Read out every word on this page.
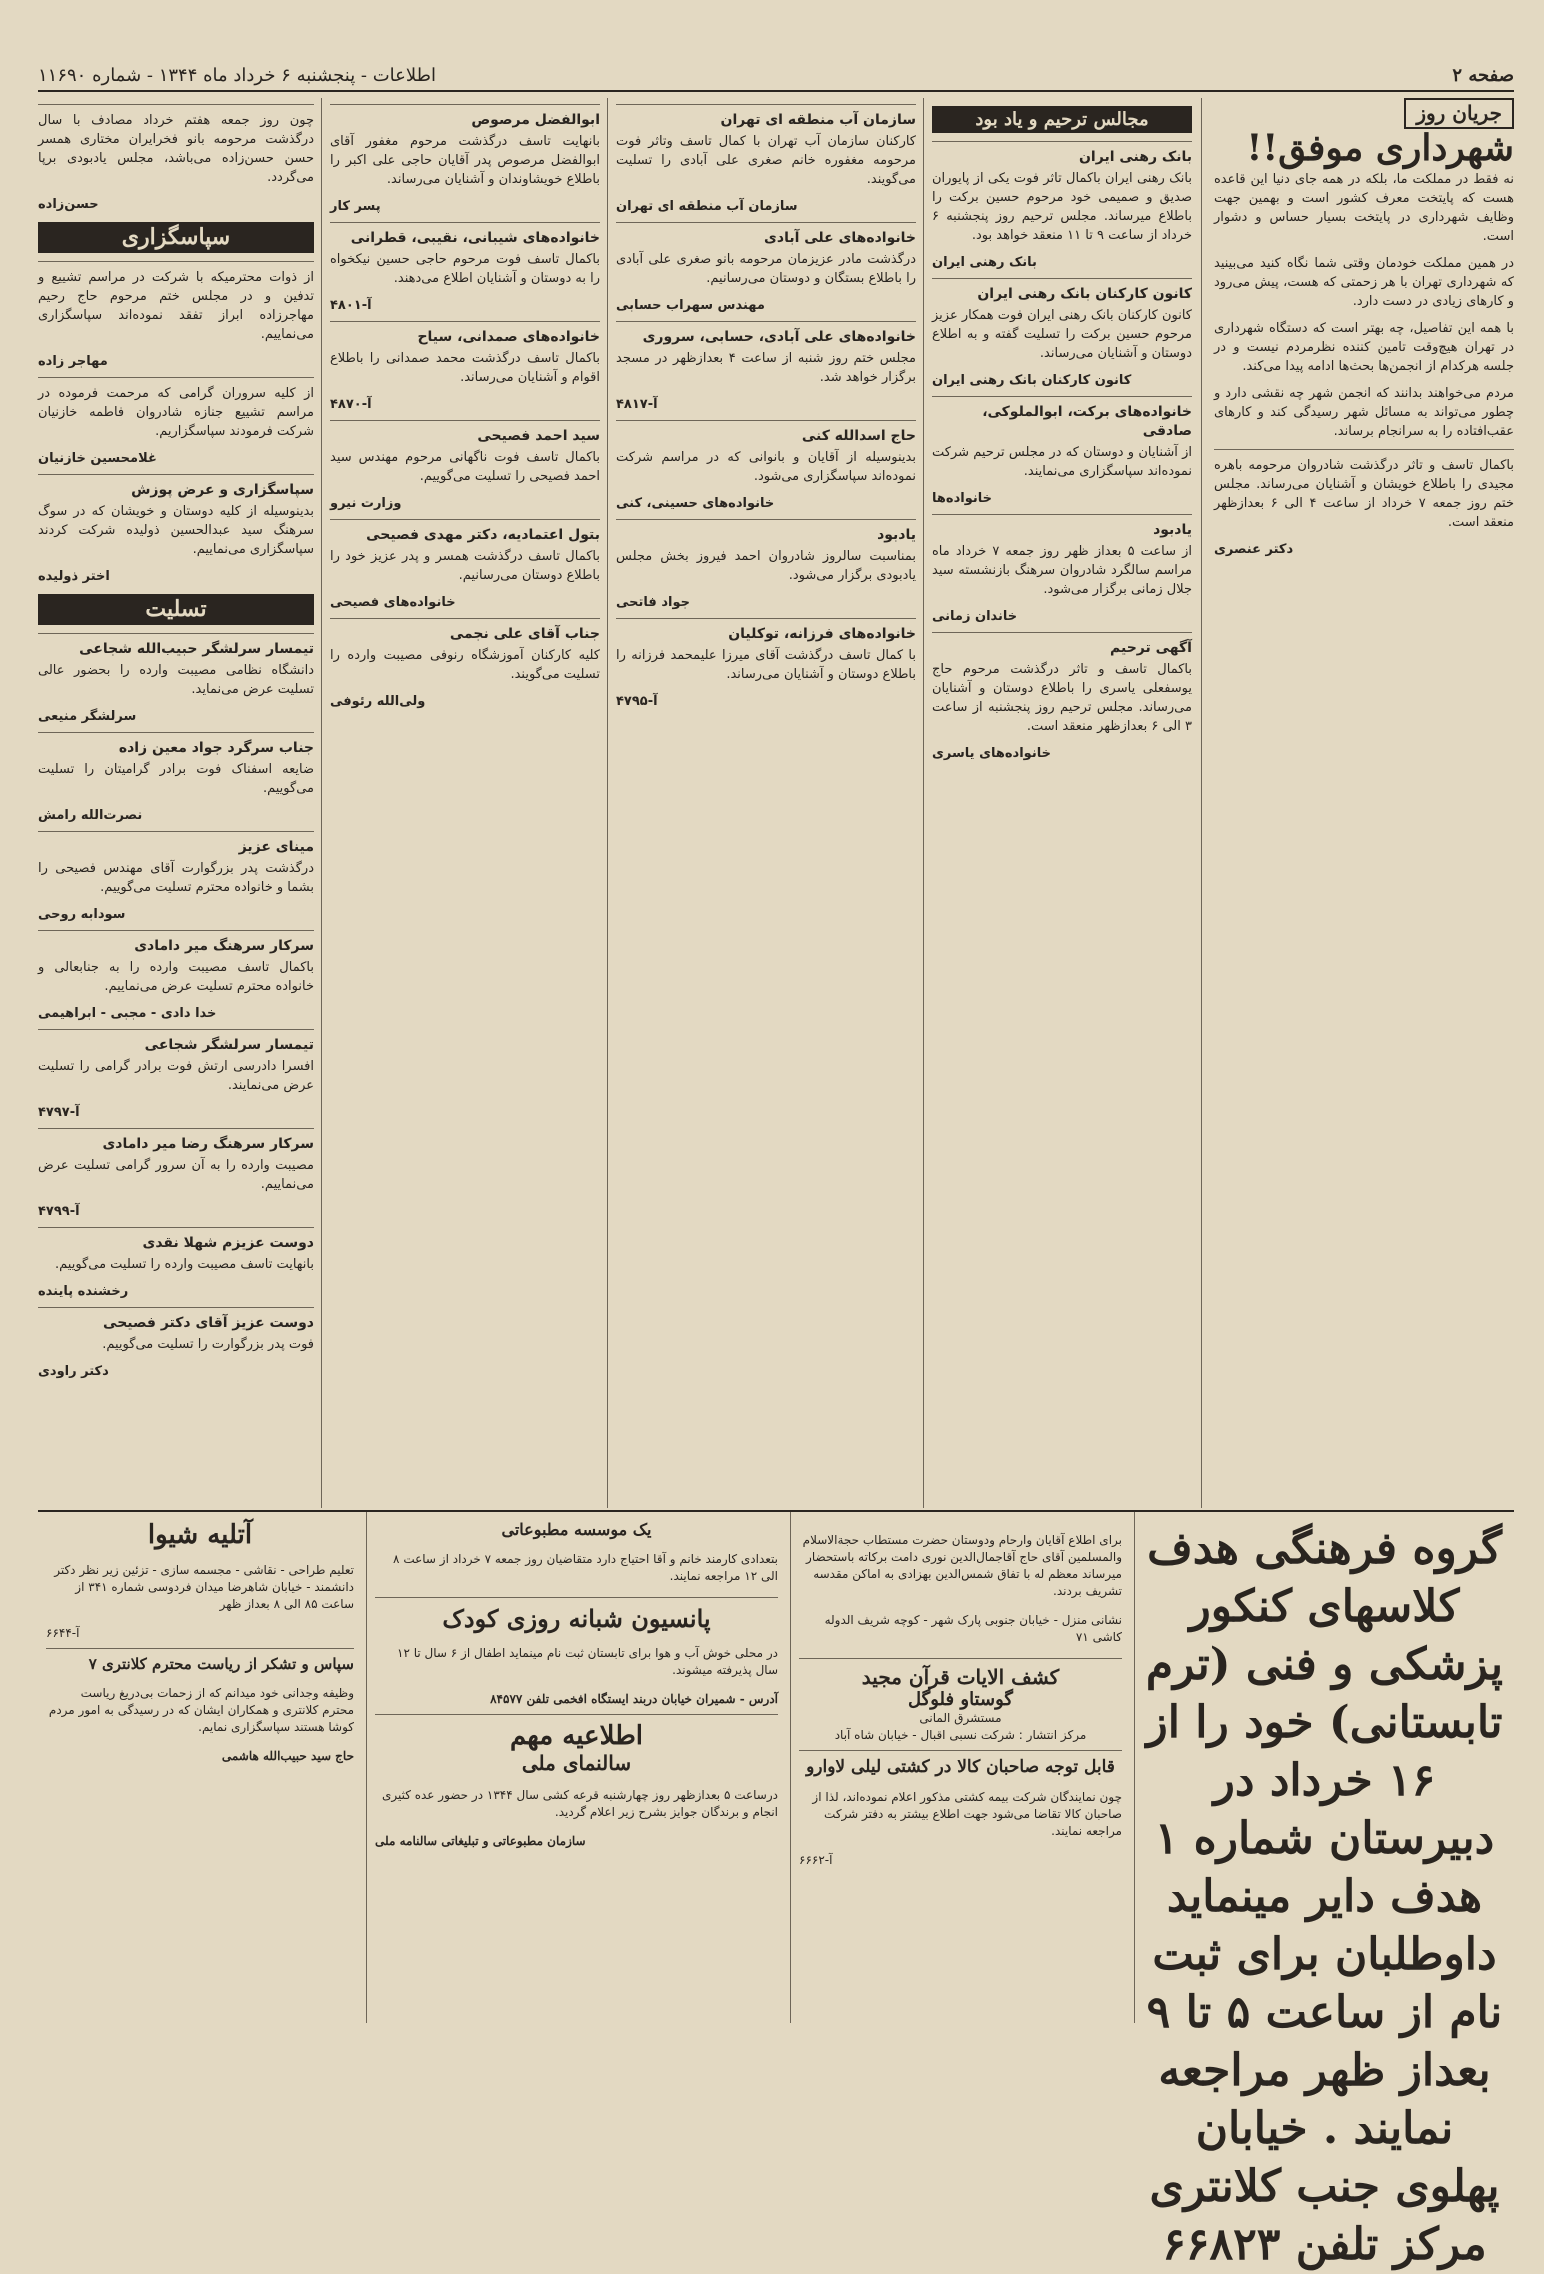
صفحه ۲
اطلاعات - پنجشنبه ۶ خرداد ماه ۱۳۴۴ - شماره ۱۱۶۹۰
جریان روز
شهرداری موفق!!

نه فقط در مملکت ما، بلکه در همه جای دنیا این قاعده هست که پایتخت معرف کشور است و بهمین جهت وظایف شهرداری در پایتخت بسیار حساس و دشوار است.

در همین مملکت خودمان وقتی شما نگاه کنید می‌بینید که شهرداری تهران با هر زحمتی که هست، پیش می‌رود و کارهای زیادی در دست دارد.

با همه این تفاصیل، چه بهتر است که دستگاه شهرداری در تهران هیچ‌وقت تامین کننده نظرمردم نیست و در جلسه هرکدام از انجمن‌ها بحث‌ها ادامه پیدا می‌کند.

مردم می‌خواهند بدانند که انجمن شهر چه نقشی دارد و چطور می‌تواند به مسائل شهر رسیدگی کند و کارهای عقب‌افتاده را به سرانجام برساند.

باکمال تاسف و تاثر درگذشت شادروان مرحومه باهره مجیدی را باطلاع خویشان و آشنایان می‌رساند. مجلس ختم روز جمعه ۷ خرداد از ساعت ۴ الی ۶ بعدازظهر منعقد است.

دکتر عنصری
مجالس ترحیم و یاد بود
بانک رهنی ایران

بانک رهنی ایران باکمال تاثر فوت یکی از پایوران صدیق و صمیمی خود مرحوم حسین برکت را باطلاع میرساند. مجلس ترحیم روز پنجشنبه ۶ خرداد از ساعت ۹ تا ۱۱ منعقد خواهد بود.

بانک رهنی ایران
کانون کارکنان بانک رهنی ایران

کانون کارکنان بانک رهنی ایران فوت همکار عزیز مرحوم حسین برکت را تسلیت گفته و به اطلاع دوستان و آشنایان می‌رساند.

کانون کارکنان بانک رهنی ایران
خانواده‌های برکت، ابوالملوکی، صادقی

از آشنایان و دوستان که در مجلس ترحیم شرکت نموده‌اند سپاسگزاری می‌نمایند.

خانواده‌ها
یادبود

از ساعت ۵ بعداز ظهر روز جمعه ۷ خرداد ماه مراسم سالگرد شادروان سرهنگ بازنشسته سید جلال زمانی برگزار می‌شود.

خاندان زمانی
آگهی ترحیم

باکمال تاسف و تاثر درگذشت مرحوم حاج یوسفعلی یاسری را باطلاع دوستان و آشنایان می‌رساند. مجلس ترحیم روز پنجشنبه از ساعت ۳ الی ۶ بعدازظهر منعقد است.

خانواده‌های یاسری
سازمان آب منطقه ای تهران

کارکنان سازمان آب تهران با کمال تاسف وتاثر فوت مرحومه مغفوره خانم صغری علی آبادی را تسلیت می‌گویند.

سازمان آب منطقه ای تهران
خانواده‌های علی آبادی

درگذشت مادر عزیزمان مرحومه بانو صغری علی آبادی را باطلاع بستگان و دوستان می‌رسانیم.

مهندس سهراب حسابی
خانواده‌های علی آبادی، حسابی، سروری

مجلس ختم روز شنبه از ساعت ۴ بعدازظهر در مسجد برگزار خواهد شد.

آ-۴۸۱۷
حاج اسدالله کنی

بدینوسیله از آقایان و بانوانی که در مراسم شرکت نموده‌اند سپاسگزاری می‌شود.

خانواده‌های حسینی، کنی
یادبود

بمناسبت سالروز شادروان احمد فیروز بخش مجلس یادبودی برگزار می‌شود.

جواد فاتحی
خانواده‌های فرزانه، توکلیان

با کمال تاسف درگذشت آقای میرزا علیمحمد فرزانه را باطلاع دوستان و آشنایان می‌رساند.

آ-۴۷۹۵
ابوالفضل مرصوص

بانهایت تاسف درگذشت مرحوم مغفور آقای ابوالفضل مرصوص پدر آقایان حاجی علی اکبر را باطلاع خویشاوندان و آشنایان می‌رساند.

پسر کار
خانواده‌های شیبانی، نقیبی، قطرانی

باکمال تاسف فوت مرحوم حاجی حسین نیکخواه را به دوستان و آشنایان اطلاع می‌دهند.

آ-۴۸۰۱
خانواده‌های صمدانی، سیاح

باکمال تاسف درگذشت محمد صمدانی را باطلاع اقوام و آشنایان می‌رساند.

آ-۴۸۷۰
سید احمد فصیحی

باکمال تاسف فوت ناگهانی مرحوم مهندس سید احمد فصیحی را تسلیت می‌گوییم.

وزارت نیرو
بتول اعتمادیه، دکتر مهدی فصیحی

باکمال تاسف درگذشت همسر و پدر عزیز خود را باطلاع دوستان می‌رسانیم.

خانواده‌های فصیحی
جناب آقای علی نجمی

کلیه کارکنان آموزشگاه رنوفی مصیبت وارده را تسلیت می‌گویند.

ولی‌الله رئوفی

چون روز جمعه هفتم خرداد مصادف با سال درگذشت مرحومه بانو فخرایران مختاری همسر حسن حسن‌زاده می‌باشد، مجلس یادبودی برپا می‌گردد.

حسن‌زاده
سپاسگزاری

از ذوات محترمیکه با شرکت در مراسم تشییع و تدفین و در مجلس ختم مرحوم حاج رحیم مهاجرزاده ابراز تفقد نموده‌اند سپاسگزاری می‌نماییم.

مهاجر زاده

از کلیه سروران گرامی که مرحمت فرموده در مراسم تشییع جنازه شادروان فاطمه خازنیان شرکت فرمودند سپاسگزاریم.

غلامحسین خازنیان
سپاسگزاری و عرض پوزش

بدینوسیله از کلیه دوستان و خویشان که در سوگ سرهنگ سید عبدالحسین ذولیده شرکت کردند سپاسگزاری می‌نماییم.

اختر ذولیده
تسلیت
تیمسار سرلشگر حبیب‌الله شجاعی

دانشگاه نظامی مصیبت وارده را بحضور عالی تسلیت عرض می‌نماید.

سرلشگر منیعی
جناب سرگرد جواد معین زاده

ضایعه اسفناک فوت برادر گرامیتان را تسلیت می‌گوییم.

نصرت‌الله رامش
مینای عزیز

درگذشت پدر بزرگوارت آقای مهندس فصیحی را بشما و خانواده محترم تسلیت می‌گوییم.

سودابه روحی
سرکار سرهنگ میر دامادی

باکمال تاسف مصیبت وارده را به جنابعالی و خانواده محترم تسلیت عرض می‌نماییم.

خدا دادی - مجبی - ابراهیمی
تیمسار سرلشگر شجاعی

افسرا دادرسی ارتش فوت برادر گرامی را تسلیت عرض می‌نمایند.

آ-۴۷۹۷
سرکار سرهنگ رضا میر دامادی

مصیبت وارده را به آن سرور گرامی تسلیت عرض می‌نماییم.

آ-۴۷۹۹
دوست عزیزم شهلا نقدی

بانهایت تاسف مصیبت وارده را تسلیت می‌گوییم.

رخشنده پاینده
دوست عزیز آقای دکتر فصیحی

فوت پدر بزرگوارت را تسلیت می‌گوییم.

دکتر راودی
گروه فرهنگی هدف کلاسهای کنکور پزشکی و فنی (ترم تابستانی) خود را از ۱۶ خرداد در دبیرستان شماره ۱ هدف دایر مینماید داوطلبان برای ثبت نام از ساعت ۵ تا ۹ بعداز ظهر مراجعه نمایند . خیابان پهلوی جنب کلانتری مرکز تلفن ۶۶۸۲۳

برای اطلاع آقایان وارحام ودوستان حضرت مستطاب حجة‌الاسلام والمسلمین آقای حاج آقاجمال‌الدین نوری دامت برکاته باستحضار میرساند معظم له با تفاق شمس‌الدین بهزادی به اماکن مقدسه تشریف بردند.

نشانی منزل - خیابان جنوبی پارک شهر - کوچه شریف الدوله کاشی ۷۱

کشف الایات قرآن مجید
گوستاو فلوگل
مستشرق المانی
مرکز انتشار : شرکت نسبی اقبال - خیابان شاه آباد
قابل توجه صاحبان کالا در کشتی لیلی لاوارو

چون نمایندگان شرکت بیمه کشتی مذکور اعلام نموده‌اند، لذا از صاحبان کالا تقاضا می‌شود جهت اطلاع بیشتر به دفتر شرکت مراجعه نمایند.

آ-۶۶۶۲
یک موسسه مطبوعاتی

بتعدادی کارمند خانم و آقا احتیاج دارد متقاضیان روز جمعه ۷ خرداد از ساعت ۸ الی ۱۲ مراجعه نمایند.

پانسیون شبانه روزی کودک

در محلی خوش آب و هوا برای تابستان ثبت نام مینماید اطفال از ۶ سال تا ۱۲ سال پذیرفته میشوند.

آدرس - شمیران خیابان دربند ایستگاه افخمی تلفن ۸۴۵۷۷
اطلاعیه مهم
سالنمای ملی

درساعت ۵ بعدازظهر روز چهارشنبه قرعه کشی سال ۱۳۴۴ در حضور عده کثیری انجام و برندگان جوایز بشرح زیر اعلام گردید.

سازمان مطبوعاتی و تبلیغاتی سالنامه ملی
آتلیه شیوا

تعلیم طراحی - نقاشی - مجسمه سازی - تزئین زیر نظر دکتر دانشمند - خیابان شاهرضا میدان فردوسی شماره ۳۴۱ از ساعت ۸۵ الی ۸ بعداز ظهر

آ-۶۶۴۴
سپاس و تشکر از ریاست محترم کلانتری ۷

وظیفه وجدانی خود میدانم که از زحمات بی‌دریغ ریاست محترم کلانتری و همکاران ایشان که در رسیدگی به امور مردم کوشا هستند سپاسگزاری نمایم.

حاج سید حبیب‌الله هاشمی
